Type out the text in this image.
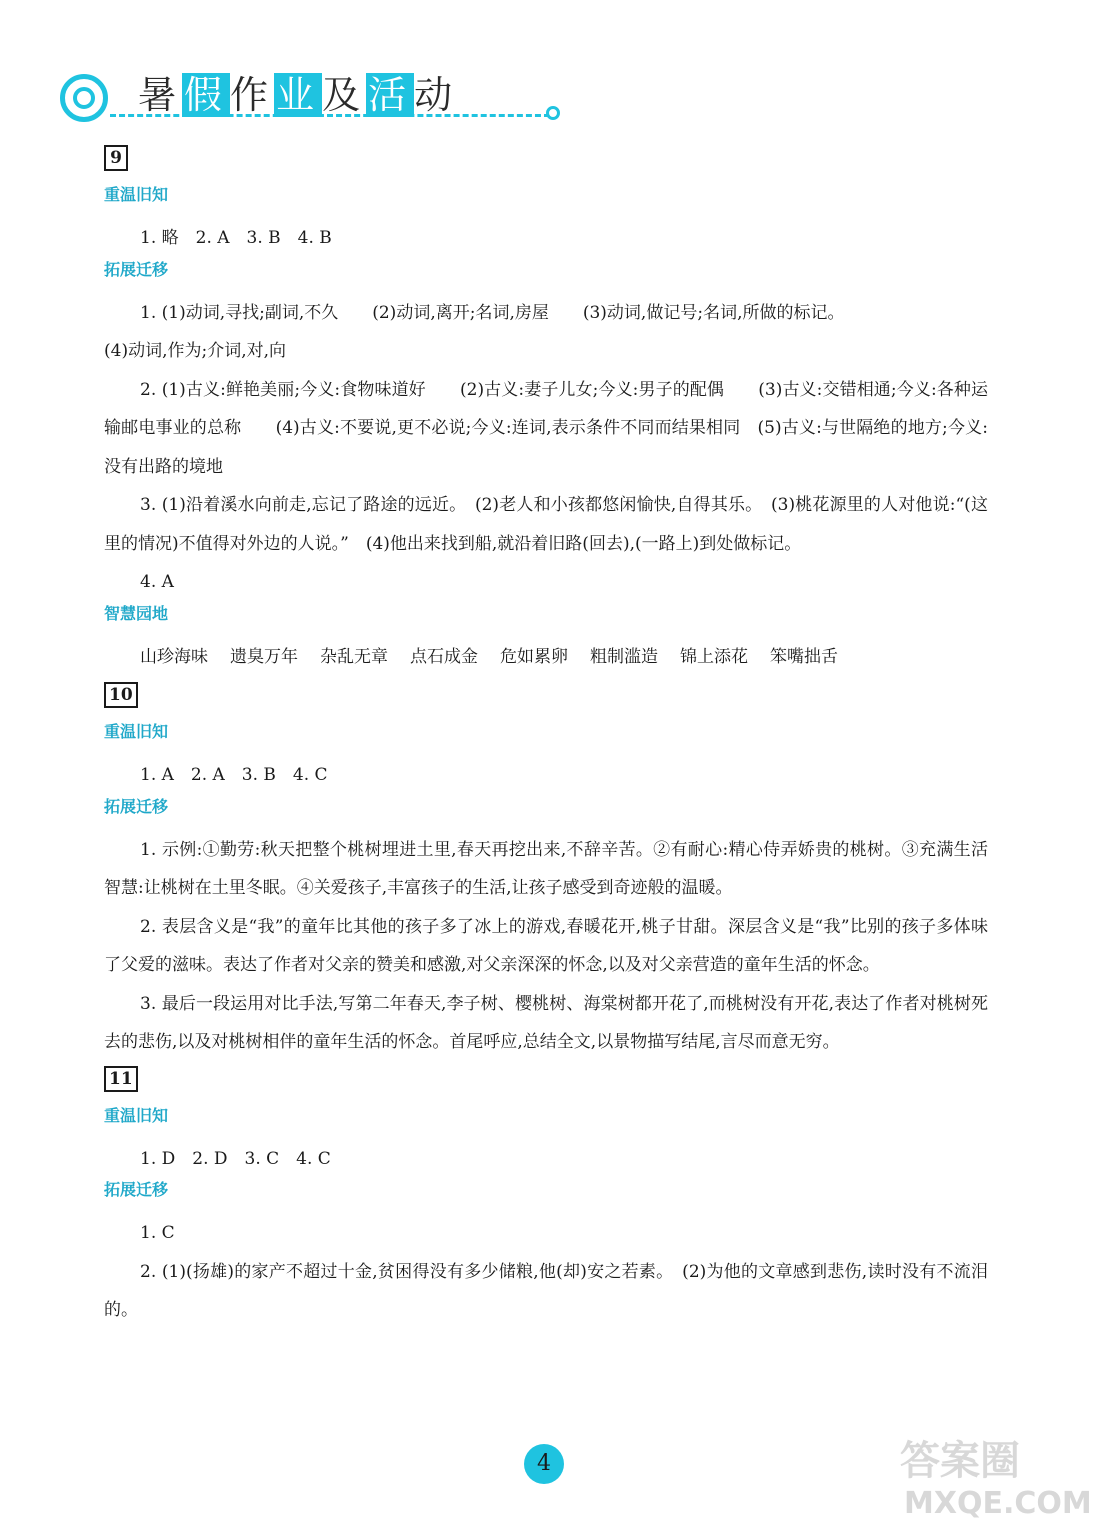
暑假作业及活动
9
重温旧知
1. 略　2. A　3. B　4. B
拓展迁移
1. (1)动词,寻找;副词,不久　　(2)动词,离开;名词,房屋　　(3)动词,做记号;名词,所做的标记。
(4)动词,作为;介词,对,向

2. (1)古义:鲜艳美丽;今义:食物味道好　　(2)古义:妻子儿女;今义:男子的配偶　　(3)古义:交错相通;今义:各种运输邮电事业的总称　　(4)古义:不要说,更不必说;今义:连词,表示条件不同而结果相同　(5)古义:与世隔绝的地方;今义:没有出路的境地

3. (1)沿着溪水向前走,忘记了路途的远近。　(2)老人和小孩都悠闲愉快,自得其乐。　(3)桃花源里的人对他说:“(这里的情况)不值得对外边的人说。”　(4)他出来找到船,就沿着旧路(回去),(一路上)到处做标记。

4. A
智慧园地
山珍海味 遗臭万年 杂乱无章 点石成金 危如累卵 粗制滥造 锦上添花 笨嘴拙舌
10
重温旧知
1. A　2. A　3. B　4. C
拓展迁移

1. 示例:①勤劳:秋天把整个桃树埋进土里,春天再挖出来,不辞辛苦。②有耐心:精心侍弄娇贵的桃树。③充满生活智慧:让桃树在土里冬眠。④关爱孩子,丰富孩子的生活,让孩子感受到奇迹般的温暖。

2. 表层含义是“我”的童年比其他的孩子多了冰上的游戏,春暖花开,桃子甘甜。深层含义是“我”比别的孩子多体味了父爱的滋味。表达了作者对父亲的赞美和感激,对父亲深深的怀念,以及对父亲营造的童年生活的怀念。

3. 最后一段运用对比手法,写第二年春天,李子树、樱桃树、海棠树都开花了,而桃树没有开花,表达了作者对桃树死去的悲伤,以及对桃树相伴的童年生活的怀念。首尾呼应,总结全文,以景物描写结尾,言尽而意无穷。

11
重温旧知
1. D　2. D　3. C　4. C
拓展迁移
1. C

2. (1)(扬雄)的家产不超过十金,贫困得没有多少储粮,他(却)安之若素。　(2)为他的文章感到悲伤,读时没有不流泪的。

4	答案圈
MXQE.COM
